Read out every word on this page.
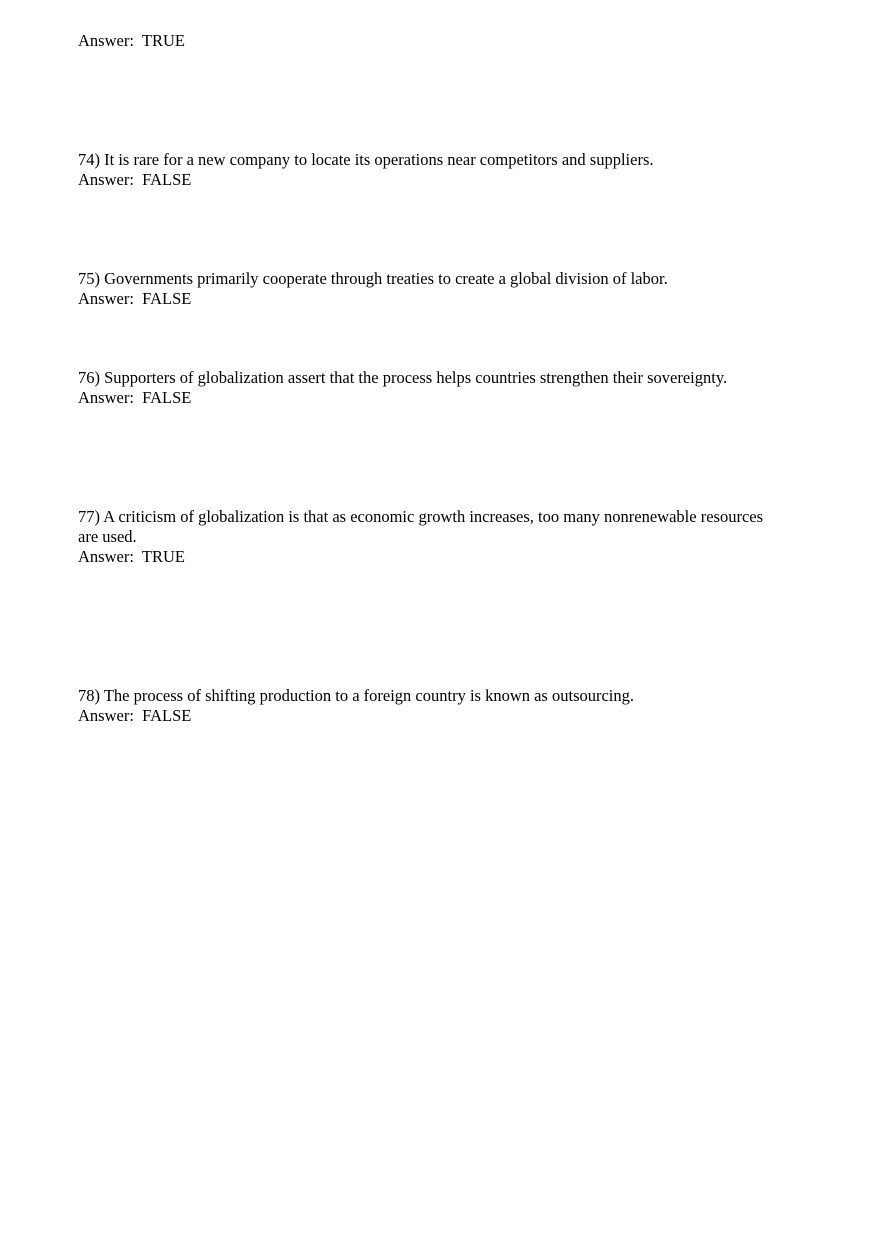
Answer:  TRUE
74) It is rare for a new company to locate its operations near competitors and suppliers.
Answer:  FALSE
75) Governments primarily cooperate through treaties to create a global division of labor.
Answer:  FALSE
76) Supporters of globalization assert that the process helps countries strengthen their sovereignty.
Answer:  FALSE
77) A criticism of globalization is that as economic growth increases, too many nonrenewable resources
are used.
Answer:  TRUE
78) The process of shifting production to a foreign country is known as outsourcing.
Answer:  FALSE
